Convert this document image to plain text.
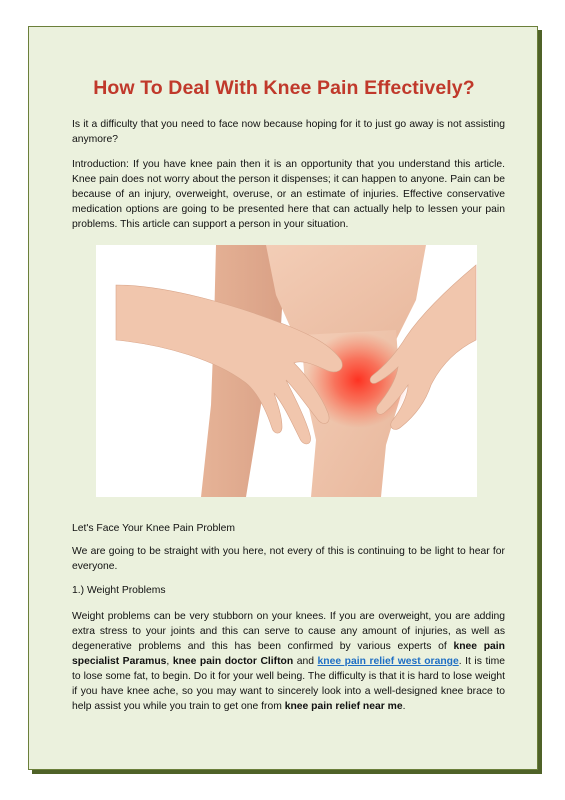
How To Deal With Knee Pain Effectively?

Is it a difficulty that you need to face now because hoping for it to just go away is not assisting anymore?

Introduction: If you have knee pain then it is an opportunity that you understand this article. Knee pain does not worry about the person it dispenses; it can happen to anyone. Pain can be because of an injury, overweight, overuse, or an estimate of injuries. Effective conservative medication options are going to be presented here that can actually help to lessen your pain problems. This article can support a person in your situation.

Let's Face Your Knee Pain Problem

We are going to be straight with you here, not every of this is continuing to be light to hear for everyone.

1.) Weight Problems

Weight problems can be very stubborn on your knees. If you are overweight, you are adding extra stress to your joints and this can serve to cause any amount of injuries, as well as degenerative problems and this has been confirmed by various experts of knee pain specialist Paramus, knee pain doctor Clifton and knee pain relief west orange. It is time to lose some fat, to begin. Do it for your well being. The difficulty is that it is hard to lose weight if you have knee ache, so you may want to sincerely look into a well-designed knee brace to help assist you while you train to get one from knee pain relief near me.
